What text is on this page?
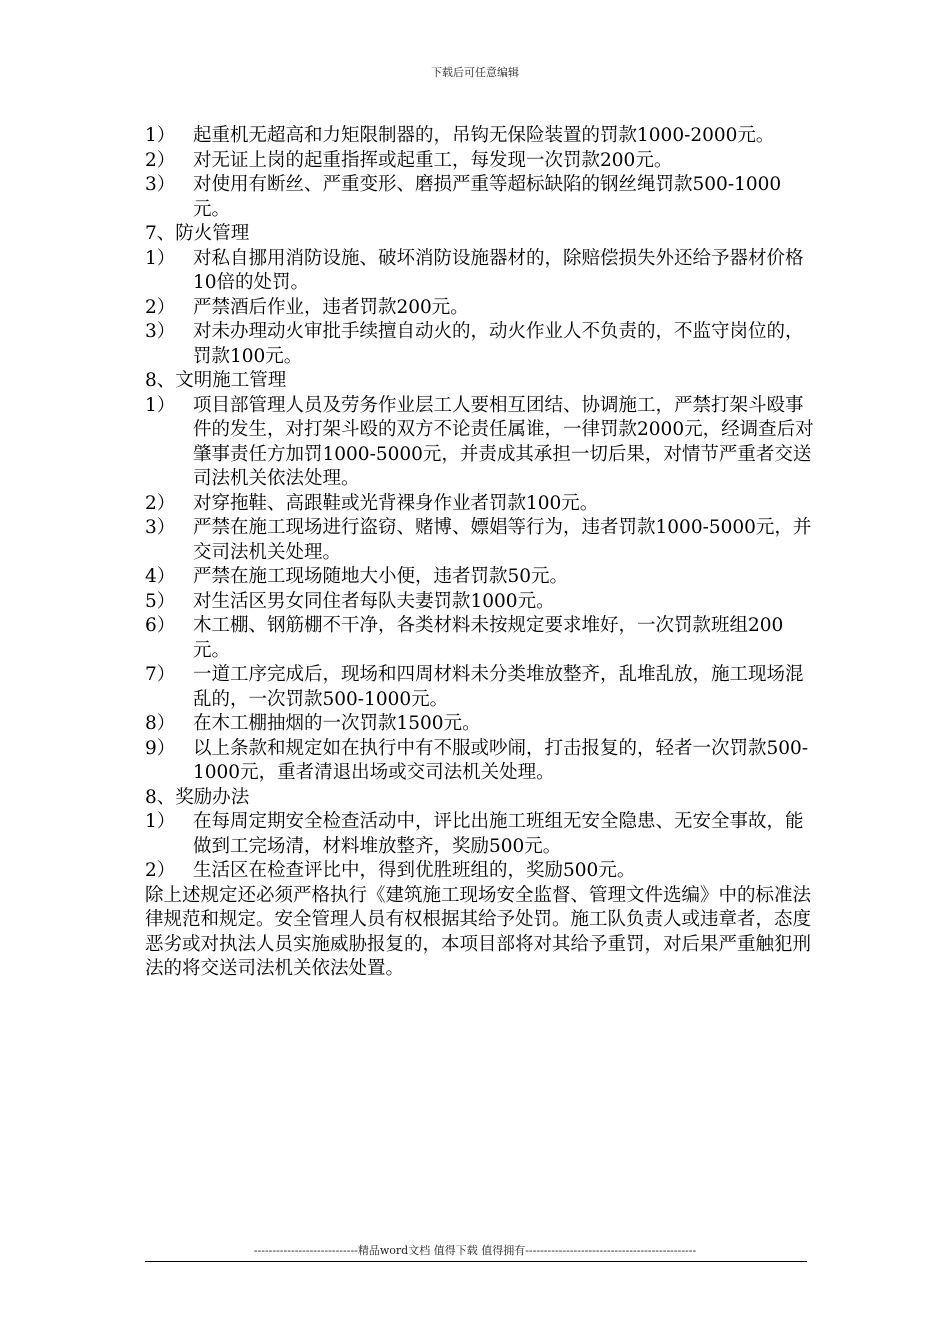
下载后可任意编辑
1） 起重机无超高和力矩限制器的，吊钩无保险装置的罚款1000-2000元。
2） 对无证上岗的起重指挥或起重工，每发现一次罚款200元。
3） 对使用有断丝、严重变形、磨损严重等超标缺陷的钢丝绳罚款500-1000元。
7、防火管理
1） 对私自挪用消防设施、破坏消防设施器材的，除赔偿损失外还给予器材价格10倍的处罚。
2） 严禁酒后作业，违者罚款200元。
3） 对未办理动火审批手续擅自动火的，动火作业人不负责的，不监守岗位的，罚款100元。
8、文明施工管理
1） 项目部管理人员及劳务作业层工人要相互团结、协调施工，严禁打架斗殴事件的发生，对打架斗殴的双方不论责任属谁，一律罚款2000元，经调查后对肇事责任方加罚1000-5000元，并责成其承担一切后果，对情节严重者交送司法机关依法处理。
2） 对穿拖鞋、高跟鞋或光背裸身作业者罚款100元。
3） 严禁在施工现场进行盗窃、赌博、嫖娼等行为，违者罚款1000-5000元，并交司法机关处理。
4） 严禁在施工现场随地大小便，违者罚款50元。
5） 对生活区男女同住者每队夫妻罚款1000元。
6） 木工棚、钢筋棚不干净，各类材料未按规定要求堆好，一次罚款班组200元。
7） 一道工序完成后，现场和四周材料未分类堆放整齐，乱堆乱放，施工现场混乱的，一次罚款500-1000元。
8） 在木工棚抽烟的一次罚款1500元。
9） 以上条款和规定如在执行中有不服或吵闹，打击报复的，轻者一次罚款500-1000元，重者清退出场或交司法机关处理。
8、奖励办法
1） 在每周定期安全检查活动中，评比出施工班组无安全隐患、无安全事故，能做到工完场清，材料堆放整齐，奖励500元。
2） 生活区在检查评比中，得到优胜班组的，奖励500元。
除上述规定还必须严格执行《建筑施工现场安全监督、管理文件选编》中的标准法律规范和规定。安全管理人员有权根据其给予处罚。施工队负责人或违章者，态度恶劣或对执法人员实施威胁报复的，本项目部将对其给予重罚，对后果严重触犯刑法的将交送司法机关依法处置。
----------------------------精品word文档 值得下载 值得拥有----------------------------------------------
